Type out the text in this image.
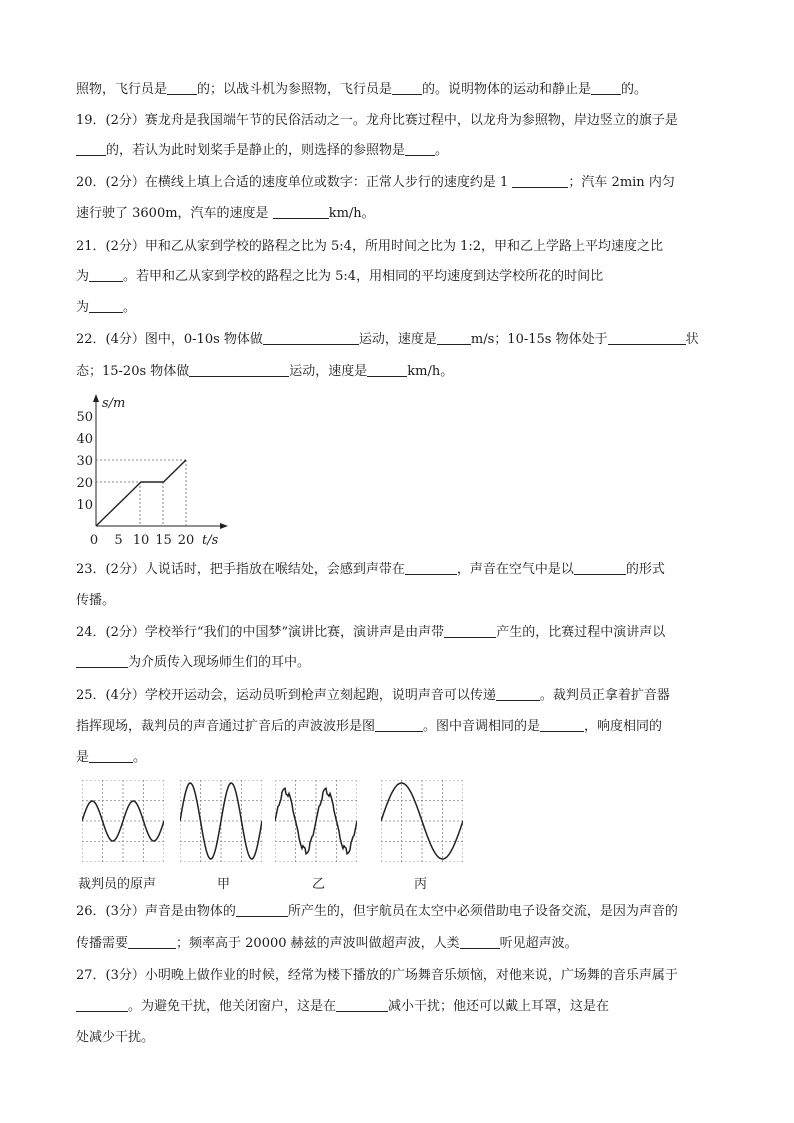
照物，飞行员是 的；以战斗机为参照物，飞行员是 的。说明物体的运动和静止是 的。
19．(2分）赛龙舟是我国端午节的民俗活动之一。龙舟比赛过程中，以龙舟为参照物，岸边竖立的旗子是
的，若认为此时划桨手是静止的，则选择的参照物是 。
20．(2分）在横线上填上合适的速度单位或数字：正常人步行的速度约是 1	；汽车 2min 内匀
速行驶了 3600m，汽车的速度是	km/h。
21．(2分）甲和乙从家到学校的路程之比为 5:4，所用时间之比为 1:2，甲和乙上学路上平均速度之比
为	。若甲和乙从家到学校的路程之比为 5:4，用相同的平均速度到达学校所花的时间比
为	。
22．(4分）图中，0-10s 物体做	运动，速度是	m/s；10-15s 物体处于	状
态；15-20s 物体做	运动，速度是	km/h。
23．(2分）人说话时，把手指放在喉结处，会感到声带在	，声音在空气中是以	的形式
传播。
24．(2分）学校举行“我们的中国梦”演讲比赛，演讲声是由声带	产生的，比赛过程中演讲声以
为介质传入现场师生们的耳中。
25．(4分）学校开运动会，运动员听到枪声立刻起跑，说明声音可以传递	。裁判员正拿着扩音器
指挥现场，裁判员的声音通过扩音后的声波波形是图	。图中音调相同的是	，响度相同的
是	。
26．(3分）声音是由物体的	所产生的，但宇航员在太空中必须借助电子设备交流，是因为声音的
传播需要	；频率高于 20000 赫兹的声波叫做超声波，人类	听见超声波。
27．(3分）小明晚上做作业的时候，经常为楼下播放的广场舞音乐烦恼，对他来说，广场舞的音乐声属于
。为避免干扰，他关闭窗户，这是在	减小干扰；他还可以戴上耳罩，这是在
处减少干扰。
50
40
30
20
10
5 10 15 20
0
s/m
t/s
裁判员的原声	甲	乙	丙
